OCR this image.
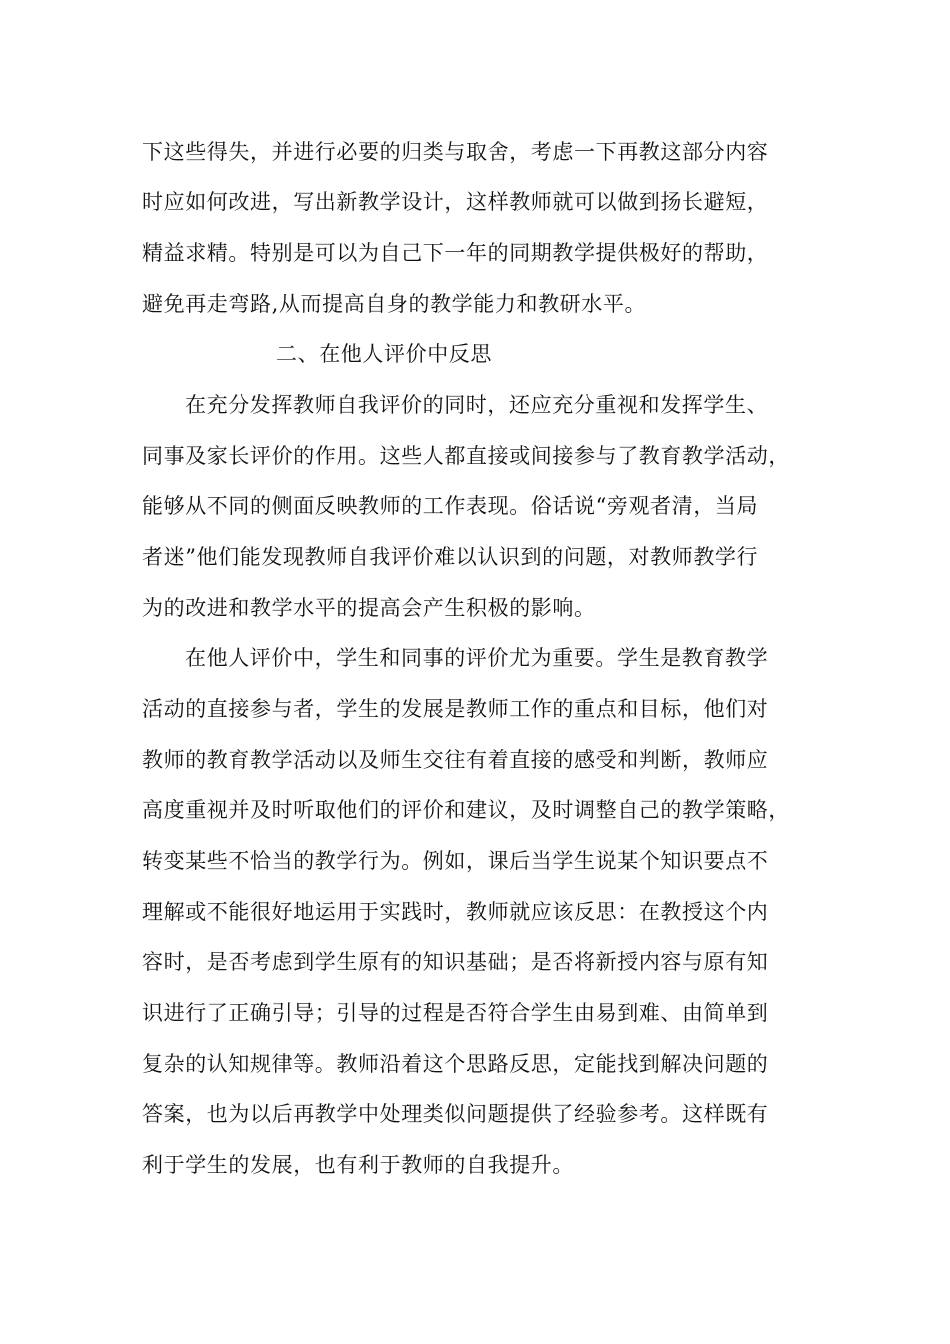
下这些得失，并进行必要的归类与取舍，考虑一下再教这部分内容
时应如何改进，写出新教学设计，这样教师就可以做到扬长避短，
精益求精。特别是可以为自己下一年的同期教学提供极好的帮助，
避免再走弯路,从而提高自身的教学能力和教研水平。
二、在他人评价中反思
在充分发挥教师自我评价的同时，还应充分重视和发挥学生、
同事及家长评价的作用。这些人都直接或间接参与了教育教学活动，
能够从不同的侧面反映教师的工作表现。俗话说“旁观者清，当局
者迷”他们能发现教师自我评价难以认识到的问题，对教师教学行
为的改进和教学水平的提高会产生积极的影响。
在他人评价中，学生和同事的评价尤为重要。学生是教育教学
活动的直接参与者，学生的发展是教师工作的重点和目标，他们对
教师的教育教学活动以及师生交往有着直接的感受和判断，教师应
高度重视并及时听取他们的评价和建议，及时调整自己的教学策略，
转变某些不恰当的教学行为。例如，课后当学生说某个知识要点不
理解或不能很好地运用于实践时，教师就应该反思：在教授这个内
容时，是否考虑到学生原有的知识基础；是否将新授内容与原有知
识进行了正确引导；引导的过程是否符合学生由易到难、由简单到
复杂的认知规律等。教师沿着这个思路反思，定能找到解决问题的
答案，也为以后再教学中处理类似问题提供了经验参考。这样既有
利于学生的发展，也有利于教师的自我提升。
